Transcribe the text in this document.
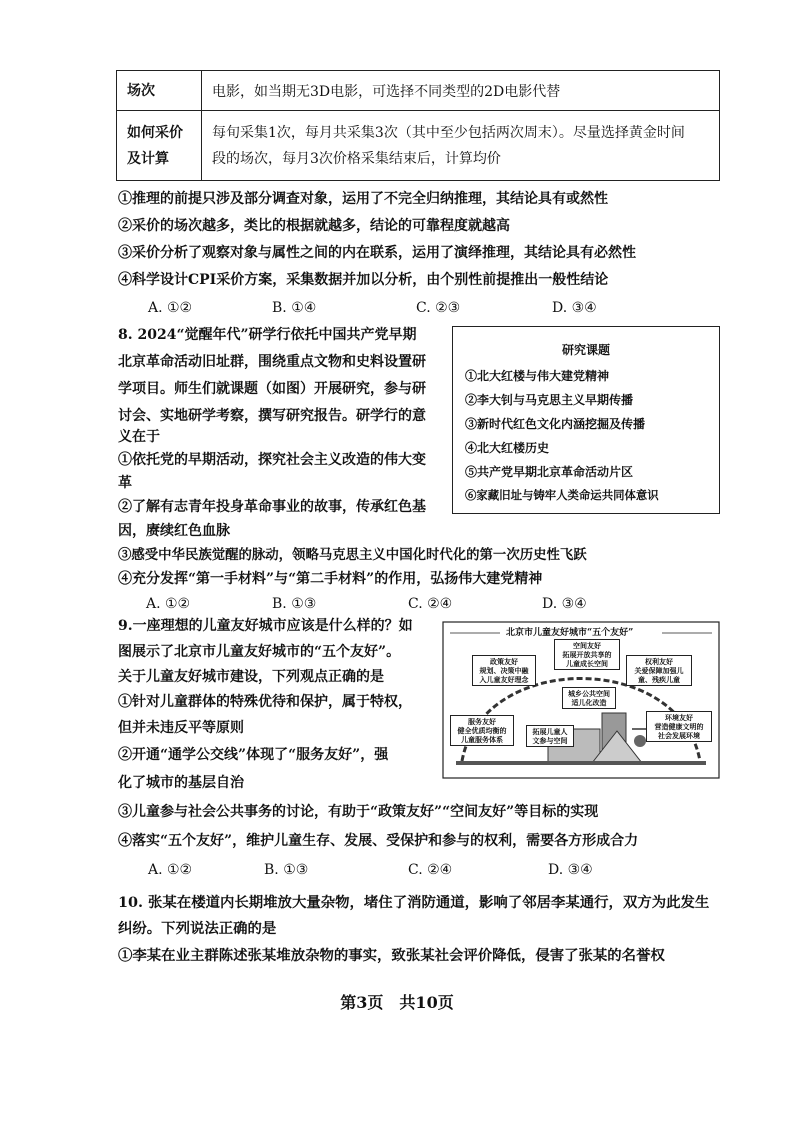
场次	电影，如当期无3D电影，可选择不同类型的2D电影代替

如何采价及计算	每旬采集1次，每月共采集3次（其中至少包括两次周末）。尽量选择黄金时间
段的场次，每月3次价格采集结束后，计算均价
①推理的前提只涉及部分调查对象，运用了不完全归纳推理，其结论具有或然性
②采价的场次越多，类比的根据就越多，结论的可靠程度就越高
③采价分析了观察对象与属性之间的内在联系，运用了演绎推理，其结论具有必然性
④科学设计CPI采价方案，采集数据并加以分析，由个别性前提推出一般性结论
A. ①②	B. ①④	C. ②③	D. ③④
8. 2024“觉醒年代”研学行依托中国共产党早期
北京革命活动旧址群，围绕重点文物和史料设置研
学项目。师生们就课题（如图）开展研究，参与研
讨会、实地研学考察，撰写研究报告。研学行的意
义在于
①依托党的早期活动，探究社会主义改造的伟大变
革
②了解有志青年投身革命事业的故事，传承红色基
因，赓续红色血脉
③感受中华民族觉醒的脉动，领略马克思主义中国化时代化的第一次历史性飞跃
④充分发挥“第一手材料”与“第二手材料”的作用，弘扬伟大建党精神
A. ①②	B. ①③	C. ②④	D. ③④
研究课题
①北大红楼与伟大建党精神
②李大钊与马克思主义早期传播
③新时代红色文化内涵挖掘及传播
④北大红楼历史
⑤共产党早期北京革命活动片区
⑥家藏旧址与铸牢人类命运共同体意识
9.一座理想的儿童友好城市应该是什么样的？如
图展示了北京市儿童友好城市的“五个友好”。
关于儿童友好城市建设，下列观点正确的是
①针对儿童群体的特殊优待和保护，属于特权，
但并未违反平等原则
②开通“通学公交线”体现了“服务友好”，强
化了城市的基层自治
③儿童参与社会公共事务的讨论，有助于“政策友好”“空间友好”等目标的实现
④落实“五个友好”，维护儿童生存、发展、受保护和参与的权利，需要各方形成合力
A. ①②	B. ①③	C. ②④	D. ③④
北京市儿童友好城市“五个友好”
空间友好
拓展开放共享的
儿童成长空间
政策友好
规划、决策中融
入儿童友好理念
权利友好
关爱保障加强儿
童、残疾儿童
城乡公共空间
适儿化改造
服务友好
健全优质均衡的
儿童服务体系
拓展儿童人
文参与空间
环境友好
营造健康文明的
社会发展环境
10. 张某在楼道内长期堆放大量杂物，堵住了消防通道，影响了邻居李某通行，双方为此发生
纠纷。下列说法正确的是
①李某在业主群陈述张某堆放杂物的事实，致张某社会评价降低，侵害了张某的名誉权
第3页　共10页
